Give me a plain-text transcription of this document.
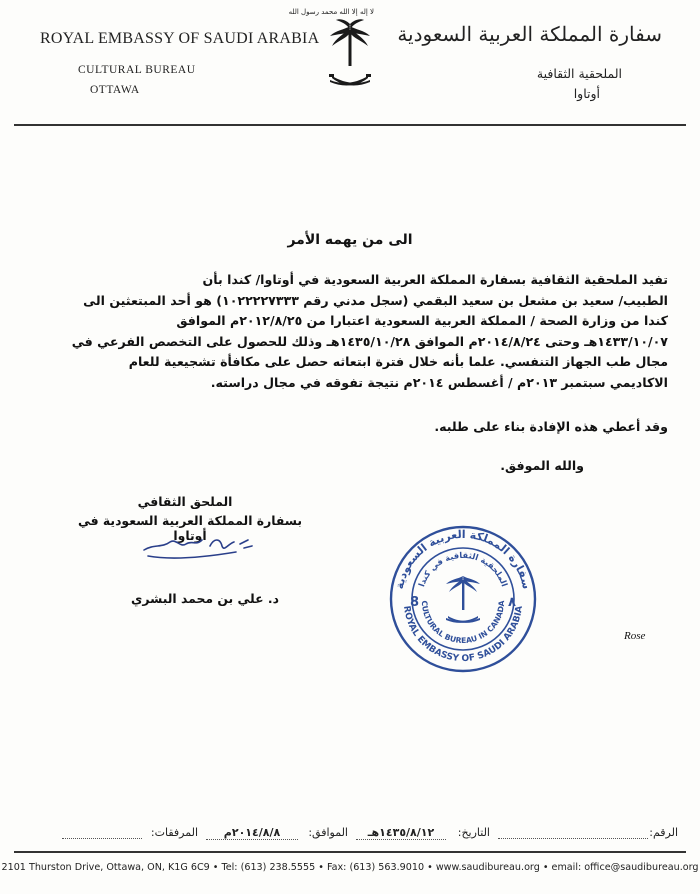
ROYAL EMBASSY OF SAUDI ARABIA
CULTURAL BUREAU
OTTAWA
لا إله إلا الله محمد رسول الله
سفارة المملكة العربية السعودية
الملحقية الثقافية
أوتاوا
الى من يهمه الأمر

تفيد الملحقية الثقافية بسفارة المملكة العربية السعودية في أوتاوا/ كندا بأن

الطبيب/ سعيد بن مشعل بن سعيد البقمي (سجل مدني رقم ١٠٢٢٢٢٧٣٣٣) هو أحد المبتعثين الى

كندا من وزارة الصحة / المملكة العربية السعودية اعتبارا من ٢٠١٢/٨/٢٥م الموافق

١٤٣٣/١٠/٠٧هـ وحتى ٢٠١٤/٨/٢٤م الموافق ١٤٣٥/١٠/٢٨هـ وذلك للحصول على التخصص الفرعي في

مجال طب الجهاز التنفسي. علما بأنه خلال فترة ابتعاثه حصل على مكافأة تشجيعية للعام

الاكاديمي سبتمبر ٢٠١٣م / أغسطس ٢٠١٤م نتيجة تفوقه في مجال دراسته.

وقد أعطي هذه الإفادة بناء على طلبه.
والله الموفق.
الملحق الثقافي
بسفارة المملكة العربية السعودية في أوتاوا
د. علي بن محمد البشري
سفارة المملكة العربية السعودية
الملحقية الثقافية في كندا
CULTURAL BUREAU IN CANADA
ROYAL EMBASSY OF SAUDI ARABIA
8	٨
Rose
الرقم:
التاريخ:
١٤٣٥/٨/١٢هـ
الموافق:
٢٠١٤/٨/٨م
المرفقات:
2101 Thurston Drive, Ottawa, ON, K1G 6C9 • Tel: (613) 238.5555 • Fax: (613) 563.9010 • www.saudibureau.org • email: office@saudibureau.org
